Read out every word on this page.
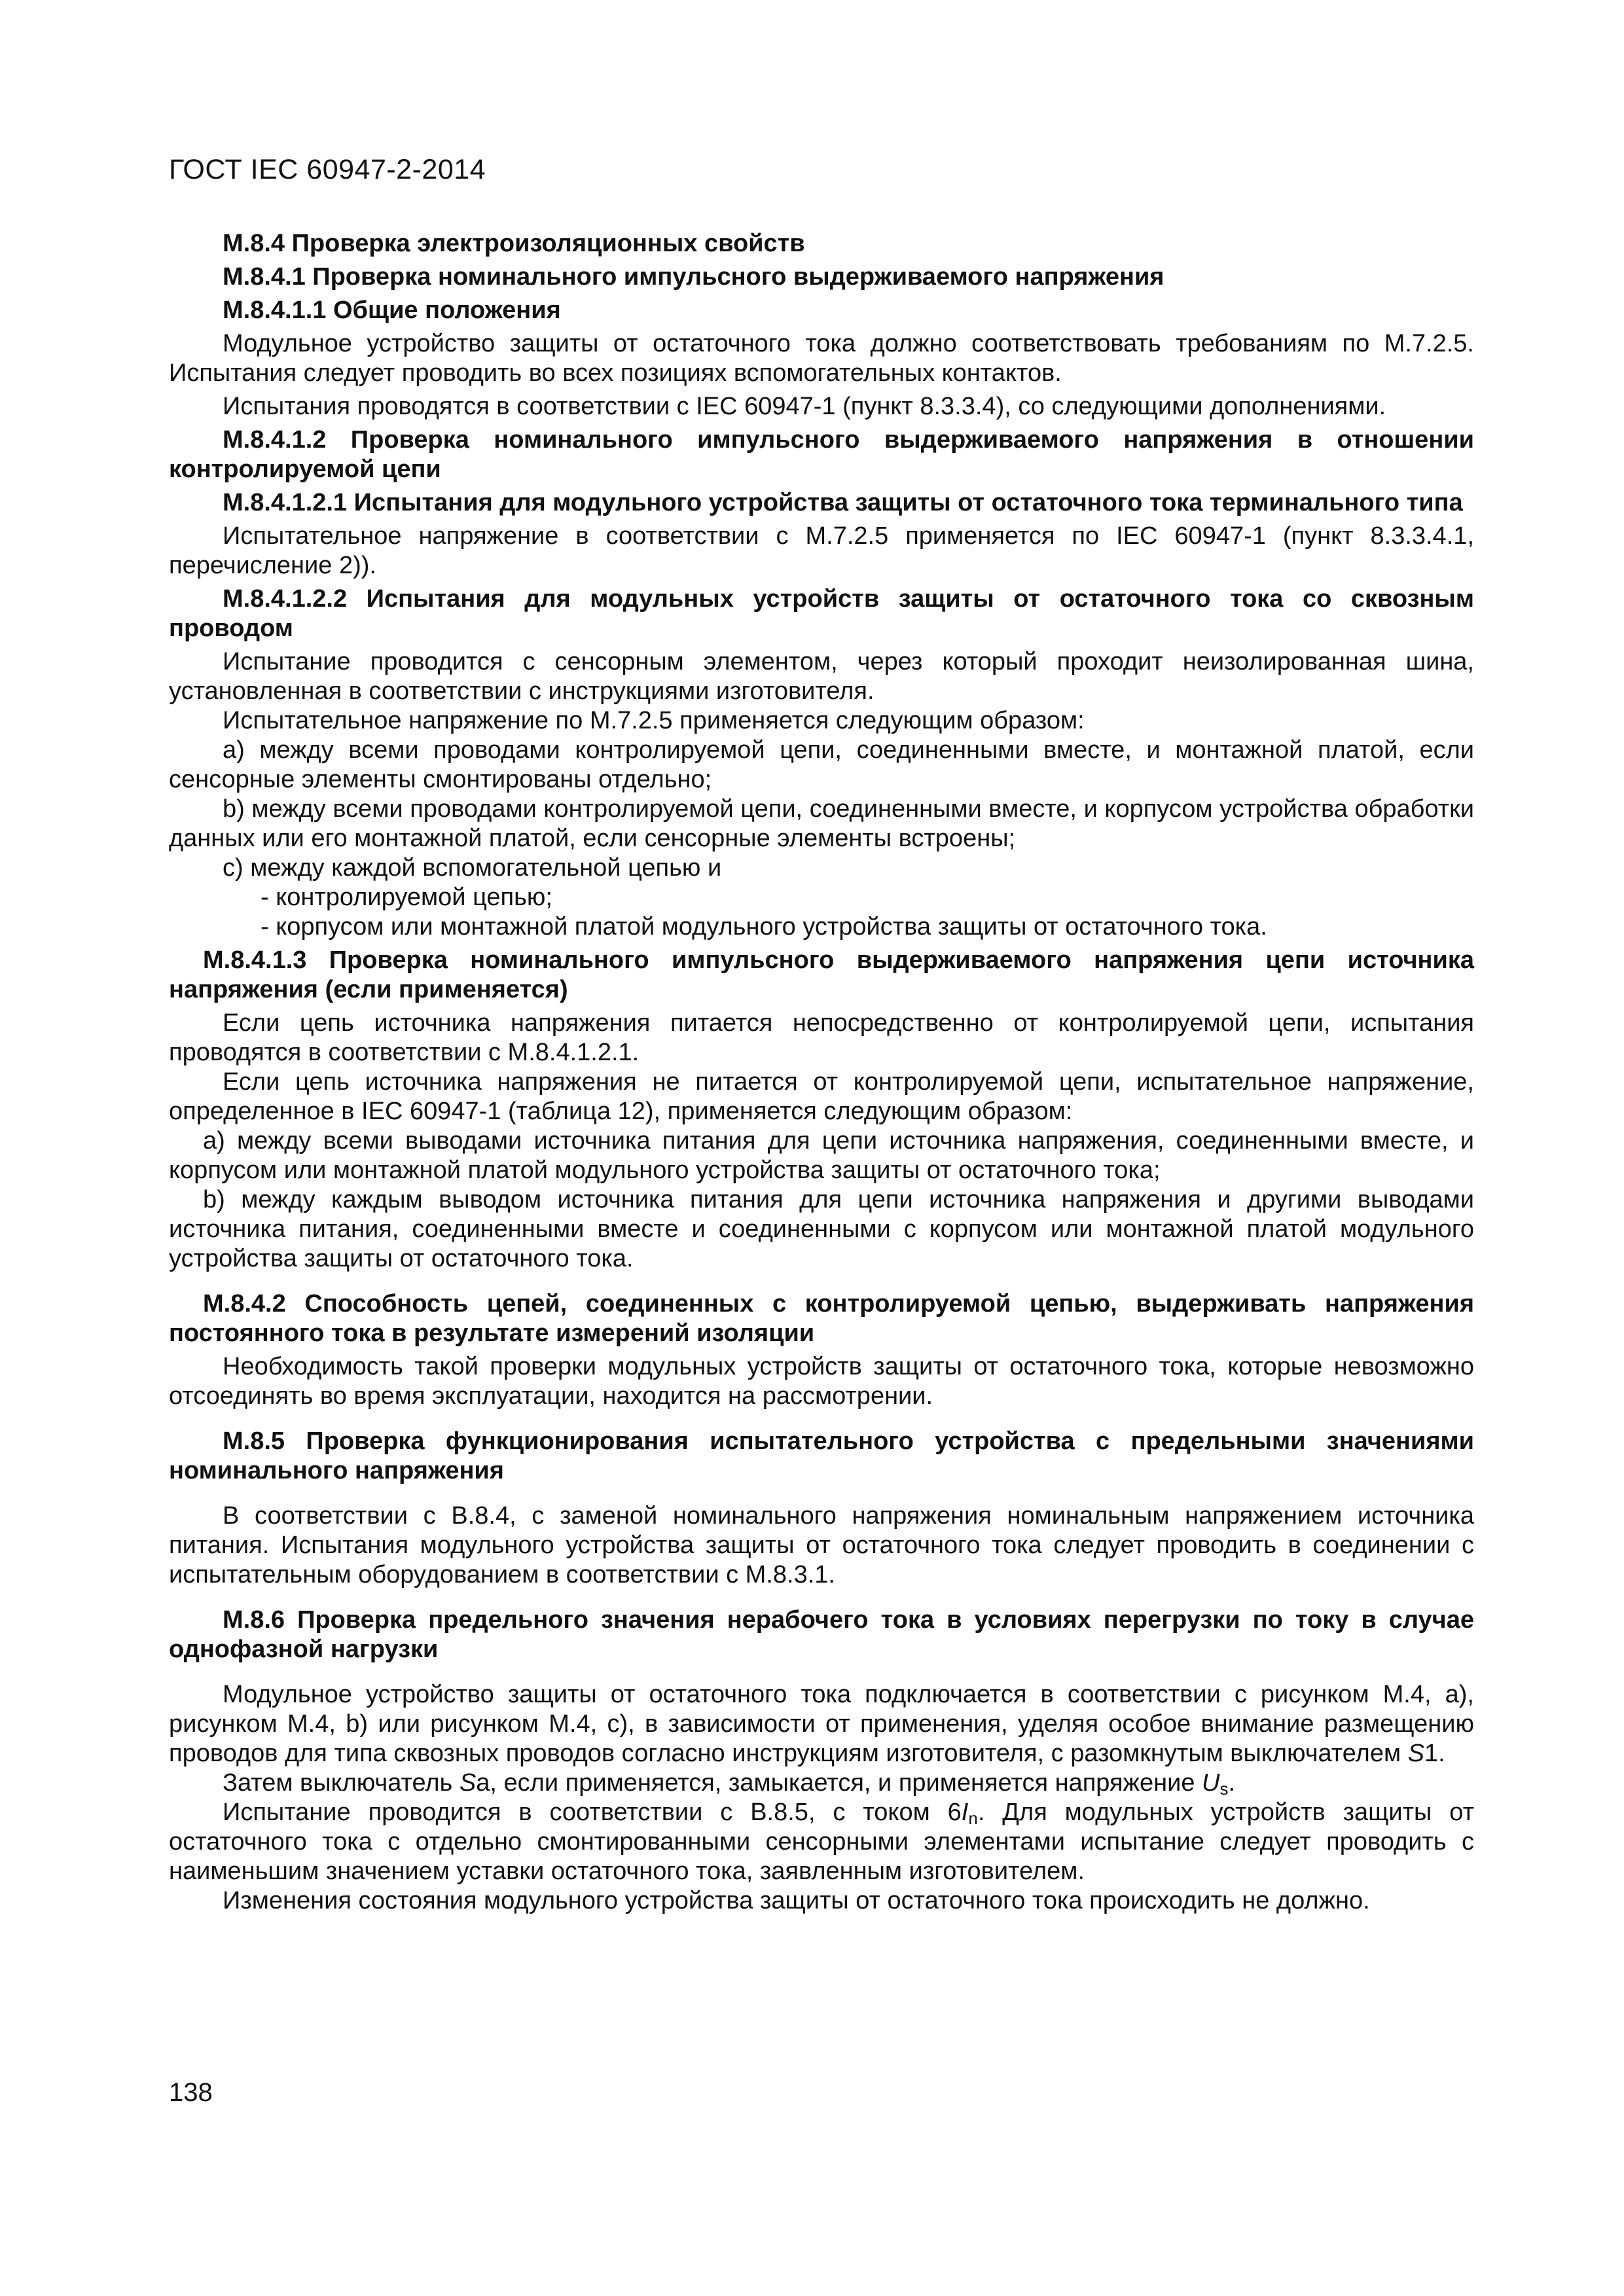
ГОСТ IEC 60947-2-2014

М.8.4 Проверка электроизоляционных свойств

М.8.4.1 Проверка номинального импульсного выдерживаемого напряжения

М.8.4.1.1 Общие положения

Модульное устройство защиты от остаточного тока должно соответствовать требованиям по М.7.2.5. Испытания следует проводить во всех позициях вспомогательных контактов.

Испытания проводятся в соответствии с IEC 60947-1 (пункт 8.3.3.4), со следующими дополнениями.

М.8.4.1.2 Проверка номинального импульсного выдерживаемого напряжения в отношении контролируемой цепи

М.8.4.1.2.1 Испытания для модульного устройства защиты от остаточного тока терминального типа

Испытательное напряжение в соответствии с М.7.2.5 применяется по IEC 60947-1 (пункт 8.3.3.4.1, перечисление 2)).

М.8.4.1.2.2 Испытания для модульных устройств защиты от остаточного тока со сквозным проводом

Испытание проводится с сенсорным элементом, через который проходит неизолированная шина, установленная в соответствии с инструкциями изготовителя.

Испытательное напряжение по М.7.2.5 применяется следующим образом:

а) между всеми проводами контролируемой цепи, соединенными вместе, и монтажной платой, если сенсорные элементы смонтированы отдельно;

b) между всеми проводами контролируемой цепи, соединенными вместе, и корпусом устройства обработки данных или его монтажной платой, если сенсорные элементы встроены;

с) между каждой вспомогательной цепью и

- контролируемой цепью;

- корпусом или монтажной платой модульного устройства защиты от остаточного тока.

М.8.4.1.3 Проверка номинального импульсного выдерживаемого напряжения цепи источника напряжения (если применяется)

Если цепь источника напряжения питается непосредственно от контролируемой цепи, испытания проводятся в соответствии с М.8.4.1.2.1.

Если цепь источника напряжения не питается от контролируемой цепи, испытательное напряжение, определенное в IEC 60947-1 (таблица 12), применяется следующим образом:

а) между всеми выводами источника питания для цепи источника напряжения, соединенными вместе, и корпусом или монтажной платой модульного устройства защиты от остаточного тока;

b) между каждым выводом источника питания для цепи источника напряжения и другими выводами источника питания, соединенными вместе и соединенными с корпусом или монтажной платой модульного устройства защиты от остаточного тока.

М.8.4.2 Способность цепей, соединенных с контролируемой цепью, выдерживать напряжения постоянного тока в результате измерений изоляции

Необходимость такой проверки модульных устройств защиты от остаточного тока, которые невозможно отсоединять во время эксплуатации, находится на рассмотрении.

М.8.5 Проверка функционирования испытательного устройства с предельными значениями номинального напряжения

В соответствии с В.8.4, с заменой номинального напряжения номинальным напряжением источника питания. Испытания модульного устройства защиты от остаточного тока следует проводить в соединении с испытательным оборудованием в соответствии с М.8.3.1.

М.8.6 Проверка предельного значения нерабочего тока в условиях перегрузки по току в случае однофазной нагрузки

Модульное устройство защиты от остаточного тока подключается в соответствии с рисунком М.4, а), рисунком М.4, b) или рисунком М.4, с), в зависимости от применения, уделяя особое внимание размещению проводов для типа сквозных проводов согласно инструкциям изготовителя, с разомкнутым выключателем S1.

Затем выключатель Sa, если применяется, замыкается, и применяется напряжение $U_s$.

Испытание проводится в соответствии с В.8.5, с током $6I_n$. Для модульных устройств защиты от остаточного тока с отдельно смонтированными сенсорными элементами испытание следует проводить с наименьшим значением уставки остаточного тока, заявленным изготовителем.

Изменения состояния модульного устройства защиты от остаточного тока происходить не должно.

138
